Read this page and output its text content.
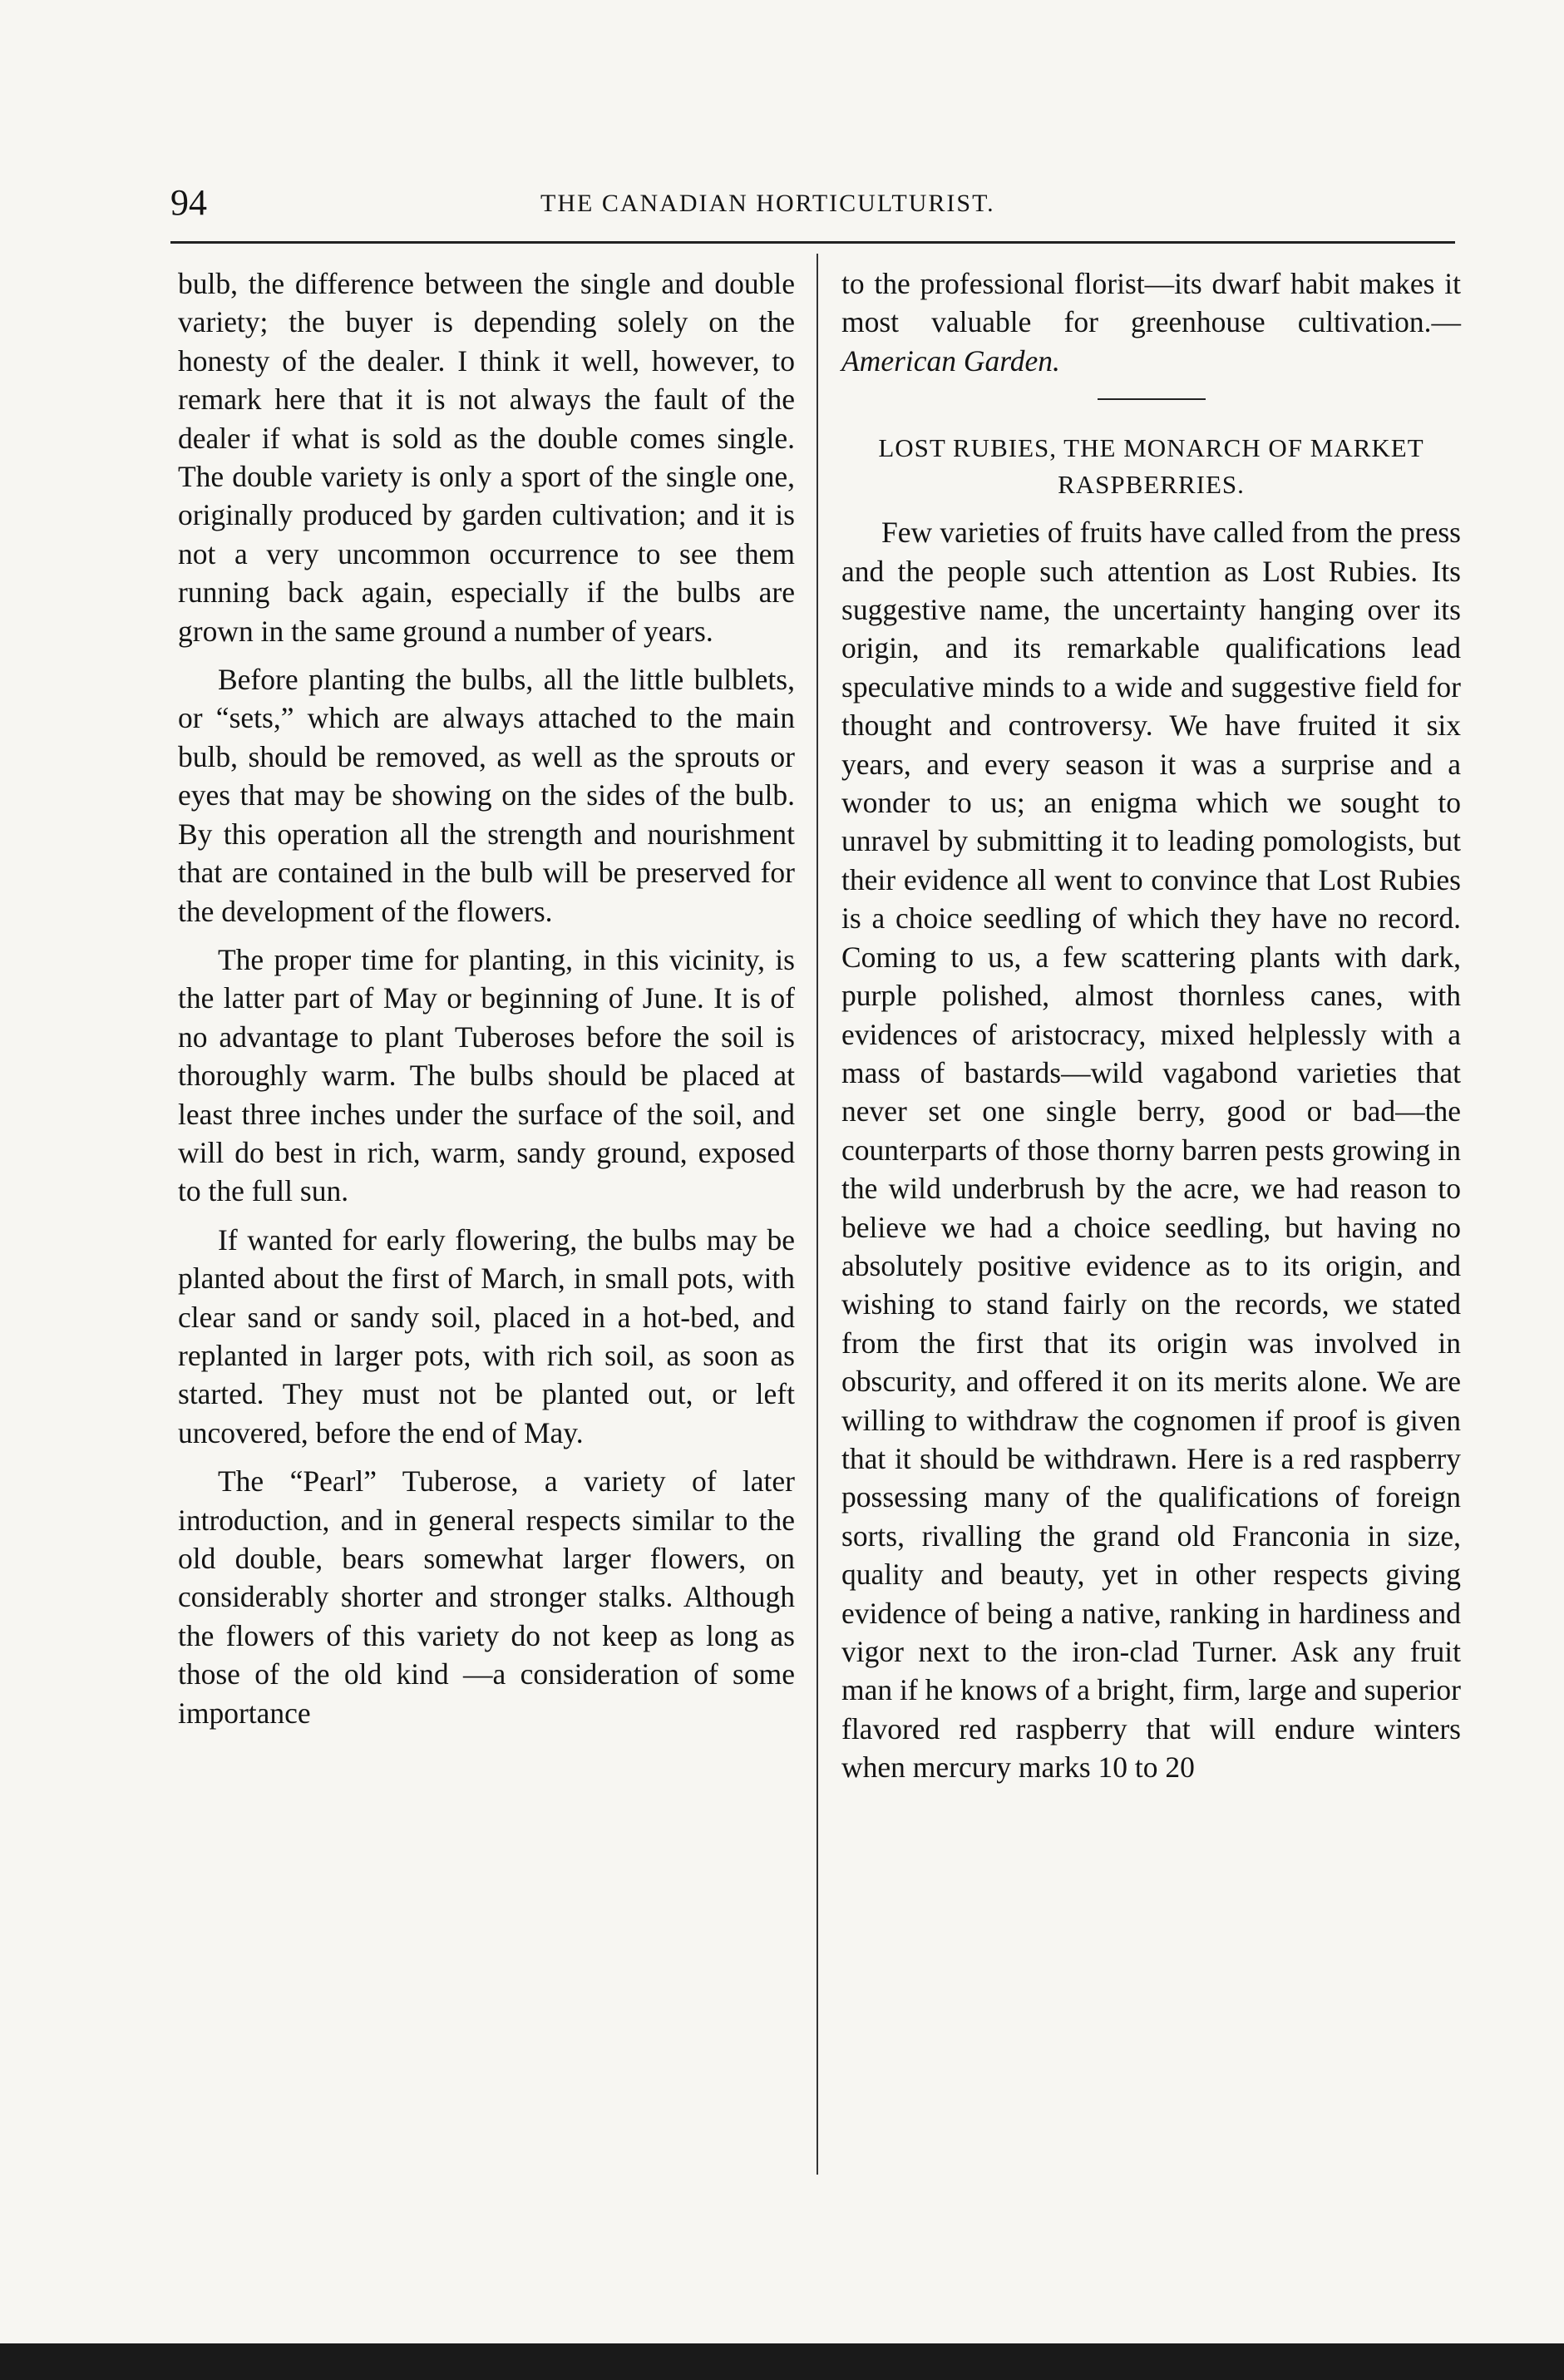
94	THE CANADIAN HORTICULTURIST.

bulb, the difference between the single and double variety; the buyer is depending solely on the honesty of the dealer. I think it well, however, to remark here that it is not always the fault of the dealer if what is sold as the double comes single. The double variety is only a sport of the single one, originally produced by garden cultivation; and it is not a very uncommon occurrence to see them running back again, especially if the bulbs are grown in the same ground a number of years.

Before planting the bulbs, all the little bulblets, or “sets,” which are always attached to the main bulb, should be removed, as well as the sprouts or eyes that may be showing on the sides of the bulb. By this operation all the strength and nourishment that are contained in the bulb will be preserved for the development of the flowers.

The proper time for planting, in this vicinity, is the latter part of May or beginning of June. It is of no advantage to plant Tuberoses before the soil is thoroughly warm. The bulbs should be placed at least three inches under the surface of the soil, and will do best in rich, warm, sandy ground, exposed to the full sun.

If wanted for early flowering, the bulbs may be planted about the first of March, in small pots, with clear sand or sandy soil, placed in a hot-bed, and replanted in larger pots, with rich soil, as soon as started. They must not be planted out, or left uncovered, before the end of May.

The “Pearl” Tuberose, a variety of later introduction, and in general respects similar to the old double, bears somewhat larger flowers, on considerably shorter and stronger stalks. Although the flowers of this variety do not keep as long as those of the old kind —a consideration of some importance

to the professional florist—its dwarf habit makes it most valuable for greenhouse cultivation.—American Garden.

LOST RUBIES, THE MONARCH OF MARKET RASPBERRIES.

Few varieties of fruits have called from the press and the people such attention as Lost Rubies. Its suggestive name, the uncertainty hanging over its origin, and its remarkable qualifications lead speculative minds to a wide and suggestive field for thought and controversy. We have fruited it six years, and every season it was a surprise and a wonder to us; an enigma which we sought to unravel by submitting it to leading pomologists, but their evidence all went to convince that Lost Rubies is a choice seedling of which they have no record. Coming to us, a few scattering plants with dark, purple polished, almost thornless canes, with evidences of aristocracy, mixed helplessly with a mass of bastards—wild vagabond varieties that never set one single berry, good or bad—the counterparts of those thorny barren pests growing in the wild underbrush by the acre, we had reason to believe we had a choice seedling, but having no absolutely positive evidence as to its origin, and wishing to stand fairly on the records, we stated from the first that its origin was involved in obscurity, and offered it on its merits alone. We are willing to withdraw the cognomen if proof is given that it should be withdrawn. Here is a red raspberry possessing many of the qualifications of foreign sorts, rivalling the grand old Franconia in size, quality and beauty, yet in other respects giving evidence of being a native, ranking in hardiness and vigor next to the iron-clad Turner. Ask any fruit man if he knows of a bright, firm, large and superior flavored red raspberry that will endure winters when mercury marks 10 to 20
